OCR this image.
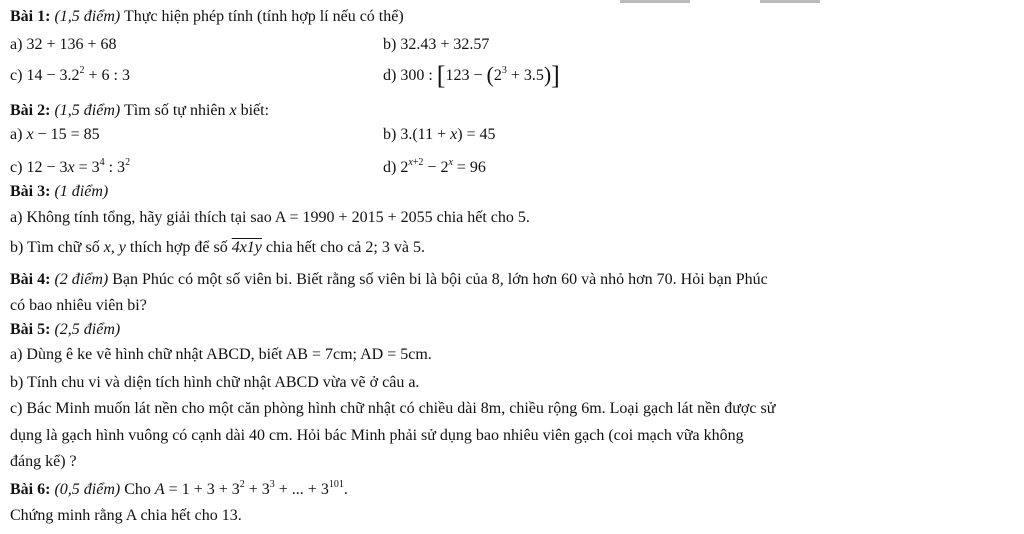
Bài 1: (1,5 điểm) Thực hiện phép tính (tính hợp lí nếu có thể)
a) 32 + 136 + 68	b) 32.43 + 32.57
c) $14 - 3.2^2 + 6$ : 3	d) 300 : $[123 - (2^3 + 3.5)]$
Bài 2: (1,5 điểm) Tìm số tự nhiên x biết:
a) x − 15 = 85	b) 3.(11 + x) = 45
c) $12 - 3x = 3^4$ : $3^2$	d) $2^{x+2} - 2^x = 96$
Bài 3: (1 điểm)
a) Không tính tổng, hãy giải thích tại sao A = 1990 + 2015 + 2055 chia hết cho 5.
b) Tìm chữ số x, y thích hợp để số 4x1y chia hết cho cả 2; 3 và 5.
Bài 4: (2 điểm) Bạn Phúc có một số viên bi. Biết rằng số viên bi là bội của 8, lớn hơn 60 và nhỏ hơn 70. Hỏi bạn Phúc
có bao nhiêu viên bi?
Bài 5: (2,5 điểm)
a) Dùng ê ke vẽ hình chữ nhật ABCD, biết AB = 7cm; AD = 5cm.
b) Tính chu vi và diện tích hình chữ nhật ABCD vừa vẽ ở câu a.
c) Bác Minh muốn lát nền cho một căn phòng hình chữ nhật có chiều dài 8m, chiều rộng 6m. Loại gạch lát nền được sử
dụng là gạch hình vuông có cạnh dài 40 cm. Hỏi bác Minh phải sử dụng bao nhiêu viên gạch (coi mạch vữa không
đáng kể) ?
Bài 6: (0,5 điểm) Cho $A = 1 + 3 + 3^2 + 3^3$ + ... + $3^{101}$.
Chứng minh rằng A chia hết cho 13.
